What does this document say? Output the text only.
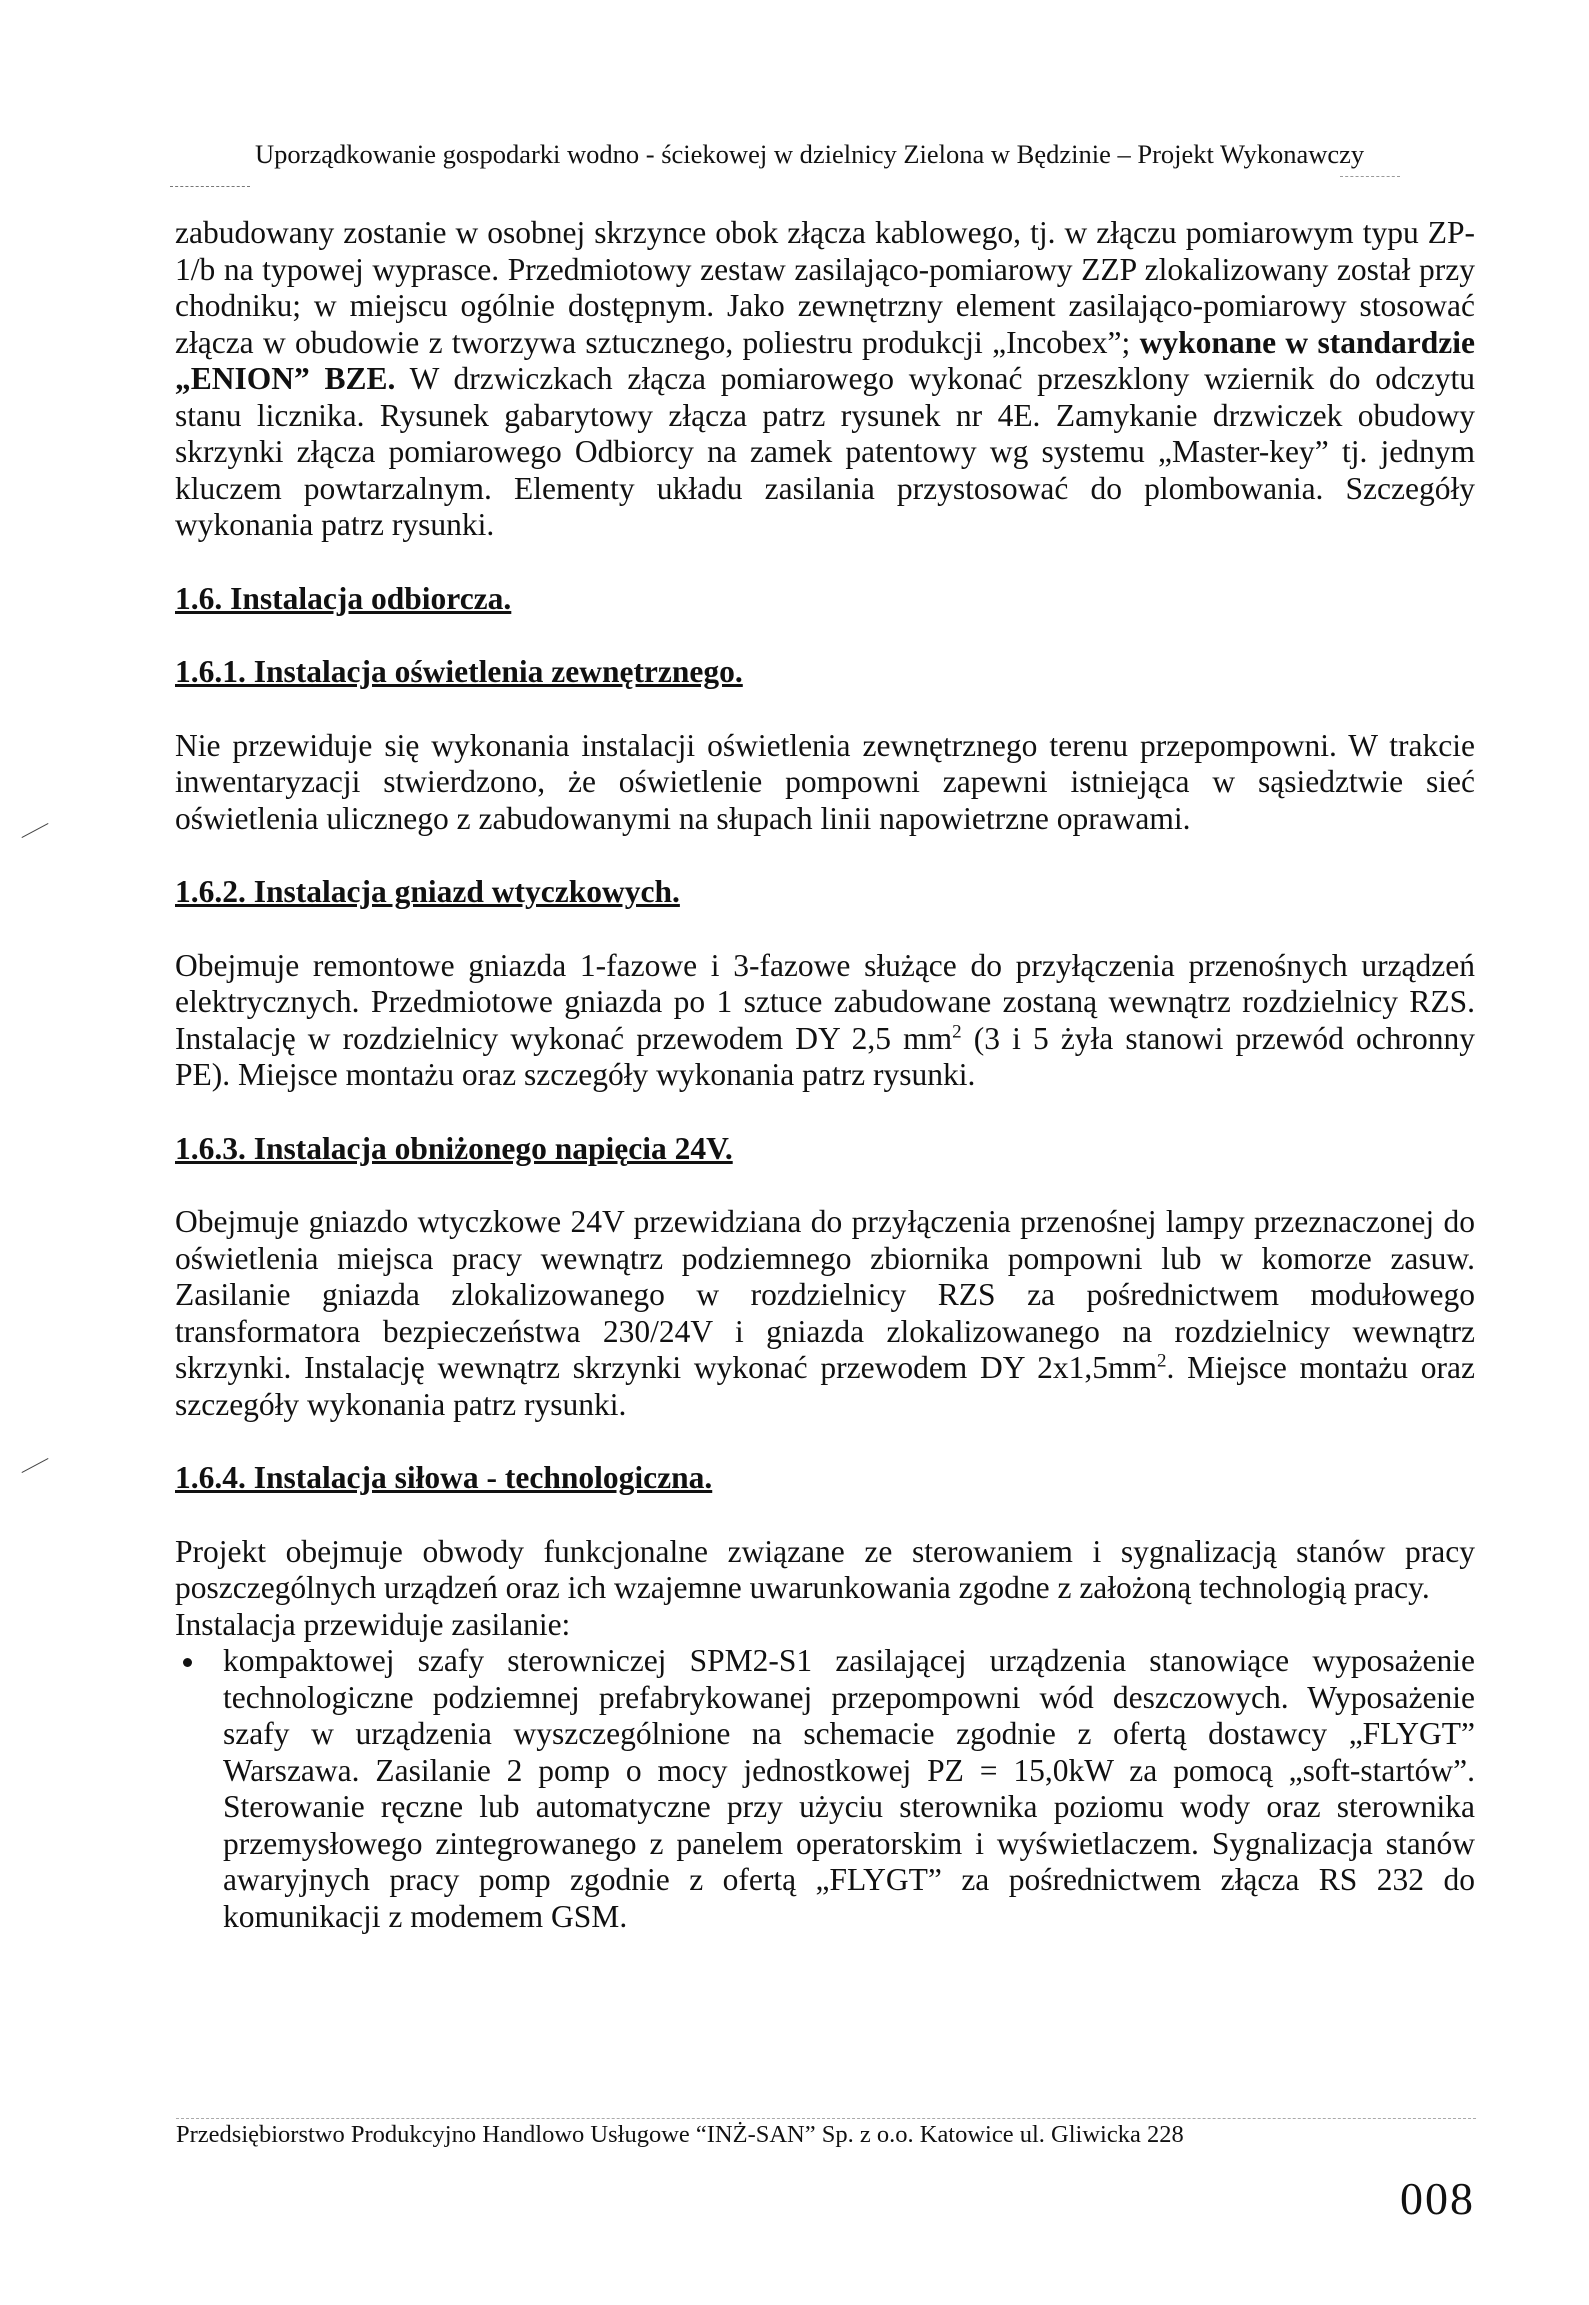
Uporządkowanie gospodarki wodno - ściekowej w dzielnicy Zielona w Będzinie – Projekt Wykonawczy

zabudowany zostanie w osobnej skrzynce obok złącza kablowego, tj. w złączu pomiarowym typu ZP-1/b na typowej wyprasce. Przedmiotowy zestaw zasilająco-pomiarowy ZZP zlokalizowany został przy chodniku; w miejscu ogólnie dostępnym. Jako zewnętrzny element zasilająco-pomiarowy stosować złącza w obudowie z tworzywa sztucznego, poliestru produkcji „Incobex”; wykonane w standardzie „ENION” BZE. W drzwiczkach złącza pomiarowego wykonać przeszklony wziernik do odczytu stanu licznika. Rysunek gabarytowy złącza patrz rysunek nr 4E. Zamykanie drzwiczek obudowy skrzynki złącza pomiarowego Odbiorcy na zamek patentowy wg systemu „Master-key” tj. jednym kluczem powtarzalnym. Elementy układu zasilania przystosować do plombowania. Szczegóły wykonania patrz rysunki.

1.6. Instalacja odbiorcza.

1.6.1. Instalacja oświetlenia zewnętrznego.

Nie przewiduje się wykonania instalacji oświetlenia zewnętrznego terenu przepompowni. W trakcie inwentaryzacji stwierdzono, że oświetlenie pompowni zapewni istniejąca w sąsiedztwie sieć oświetlenia ulicznego z zabudowanymi na słupach linii napowietrzne oprawami.

1.6.2. Instalacja gniazd wtyczkowych.

Obejmuje remontowe gniazda 1-fazowe i 3-fazowe służące do przyłączenia przenośnych urządzeń elektrycznych. Przedmiotowe gniazda po 1 sztuce zabudowane zostaną wewnątrz rozdzielnicy RZS. Instalację w rozdzielnicy wykonać przewodem DY 2,5 $mm^2$ (3 i 5 żyła stanowi przewód ochronny PE). Miejsce montażu oraz szczegóły wykonania patrz rysunki.

1.6.3. Instalacja obniżonego napięcia 24V.

Obejmuje gniazdo wtyczkowe 24V przewidziana do przyłączenia przenośnej lampy przeznaczonej do oświetlenia miejsca pracy wewnątrz podziemnego zbiornika pompowni lub w komorze zasuw. Zasilanie gniazda zlokalizowanego w rozdzielnicy RZS za pośrednictwem modułowego transformatora bezpieczeństwa 230/24V i gniazda zlokalizowanego na rozdzielnicy wewnątrz skrzynki. Instalację wewnątrz skrzynki wykonać przewodem DY $2x1,5mm^2$. Miejsce montażu oraz szczegóły wykonania patrz rysunki.

1.6.4. Instalacja siłowa - technologiczna.

Projekt obejmuje obwody funkcjonalne związane ze sterowaniem i sygnalizacją stanów pracy poszczególnych urządzeń oraz ich wzajemne uwarunkowania zgodne z założoną technologią pracy.

Instalacja przewiduje zasilanie:

kompaktowej szafy sterowniczej SPM2-S1 zasilającej urządzenia stanowiące wyposażenie technologiczne podziemnej prefabrykowanej przepompowni wód deszczowych. Wyposażenie szafy w urządzenia wyszczególnione na schemacie zgodnie z ofertą dostawcy „FLYGT” Warszawa. Zasilanie 2 pomp o mocy jednostkowej PZ = 15,0kW za pomocą „soft-startów”. Sterowanie ręczne lub automatyczne przy użyciu sterownika poziomu wody oraz sterownika przemysłowego zintegrowanego z panelem operatorskim i wyświetlaczem. Sygnalizacja stanów awaryjnych pracy pomp zgodnie z ofertą „FLYGT” za pośrednictwem złącza RS 232 do komunikacji z modemem GSM.
Przedsiębiorstwo Produkcyjno Handlowo Usługowe “INŻ-SAN” Sp. z o.o. Katowice ul. Gliwicka 228
008
